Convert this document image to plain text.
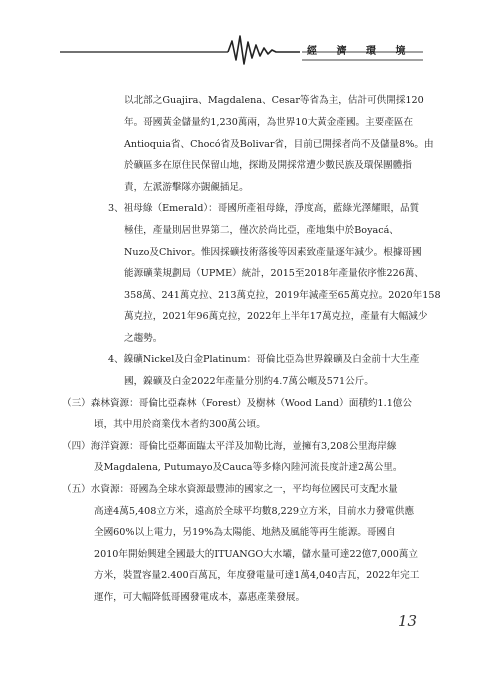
經 濟 環 境
以北部之Guajira、Magdalena、Cesar等省為主，估計可供開採120
年。哥國黃金儲量約1,230萬兩，為世界10大黃金產國。主要產區在
Antioquia省、Chocó省及Bolivar省，目前已開採者尚不及儲量8%。由
於礦區多在原住民保留山地，探勘及開採常遭少數民族及環保團體指
責，左派游擊隊亦覬覦插足。
3、祖母綠（Emerald）：哥國所產祖母綠，淨度高，藍綠光澤耀眼，品質
極佳，產量則居世界第二，僅次於尚比亞，產地集中於Boyacá、
Nuzo及Chivor。惟因採礦技術落後等因素致產量逐年減少。根據哥國
能源礦業規劃局（UPME）統計，2015至2018年產量依序惟226萬、
358萬、241萬克拉、213萬克拉，2019年減產至65萬克拉。2020年158
萬克拉，2021年96萬克拉，2022年上半年17萬克拉，產量有大幅減少
之趨勢。
4、鎳礦Nickel及白金Platinum：哥倫比亞為世界鎳礦及白金前十大生產
國，鎳礦及白金2022年產量分別約4.7萬公噸及571公斤。
（三）森林資源：哥倫比亞森林（Forest）及樹林（Wood Land）面積約1.1億公
頃，其中用於商業伐木者約300萬公頃。
（四）海洋資源：哥倫比亞鄰面臨太平洋及加勒比海，並擁有3,208公里海岸線
及Magdalena, Putumayo及Cauca等多條內陸河流長度計達2萬公里。
（五）水資源：哥國為全球水資源最豐沛的國家之一，平均每位國民可支配水量
高達4萬5,408立方米，遠高於全球平均數8,229立方米，目前水力發電供應
全國60%以上電力，另19%為太陽能、地熱及風能等再生能源。哥國自
2010年開始興建全國最大的ITUANGO大水壩，儲水量可達22億7,000萬立
方米，裝置容量2.400百萬瓦，年度發電量可達1萬4,040吉瓦，2022年完工
運作，可大幅降低哥國發電成本，嘉惠產業發展。
13
